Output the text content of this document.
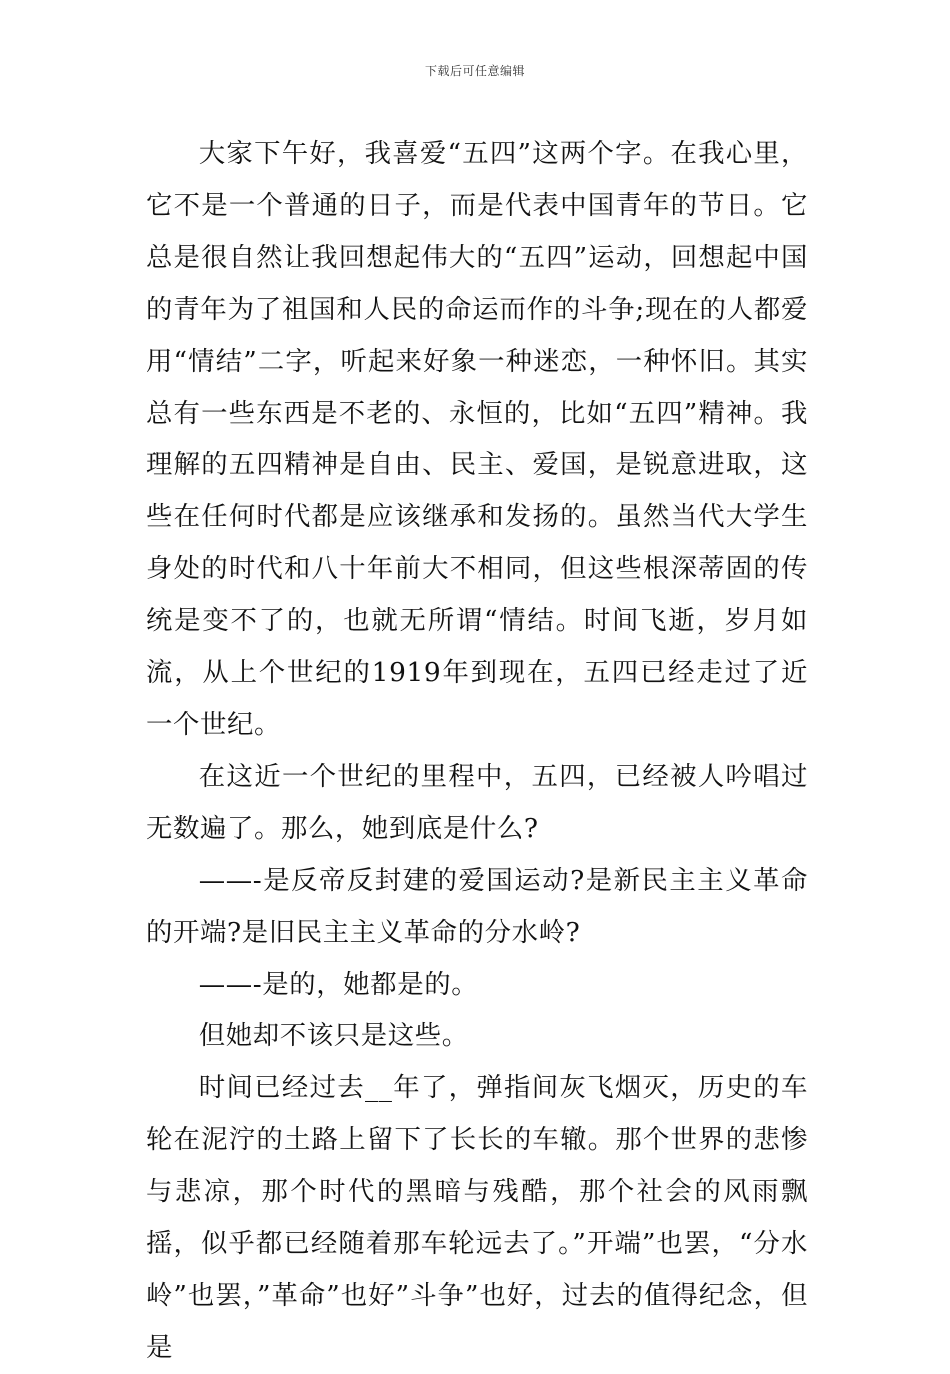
下载后可任意编辑

大家下午好，我喜爱“五四”这两个字。在我心里，它不是一个普通的日子，而是代表中国青年的节日。它总是很自然让我回想起伟大的“五四”运动，回想起中国的青年为了祖国和人民的命运而作的斗争;现在的人都爱用“情结”二字，听起来好象一种迷恋，一种怀旧。其实总有一些东西是不老的、永恒的，比如“五四”精神。我理解的五四精神是自由、民主、爱国，是锐意进取，这些在任何时代都是应该继承和发扬的。虽然当代大学生身处的时代和八十年前大不相同，但这些根深蒂固的传统是变不了的，也就无所谓“情结。时间飞逝，岁月如流，从上个世纪的1919年到现在，五四已经走过了近一个世纪。

在这近一个世纪的里程中，五四，已经被人吟唱过无数遍了。那么，她到底是什么?

——-是反帝反封建的爱国运动?是新民主主义革命的开端?是旧民主主义革命的分水岭?

——-是的，她都是的。

但她却不该只是这些。

时间已经过去__年了，弹指间灰飞烟灭，历史的车轮在泥泞的土路上留下了长长的车辙。那个世界的悲惨与悲凉，那个时代的黑暗与残酷，那个社会的风雨飘摇，似乎都已经随着那车轮远去了。”开端”也罢，“分水岭”也罢，”革命”也好”斗争”也好，过去的值得纪念，但是
